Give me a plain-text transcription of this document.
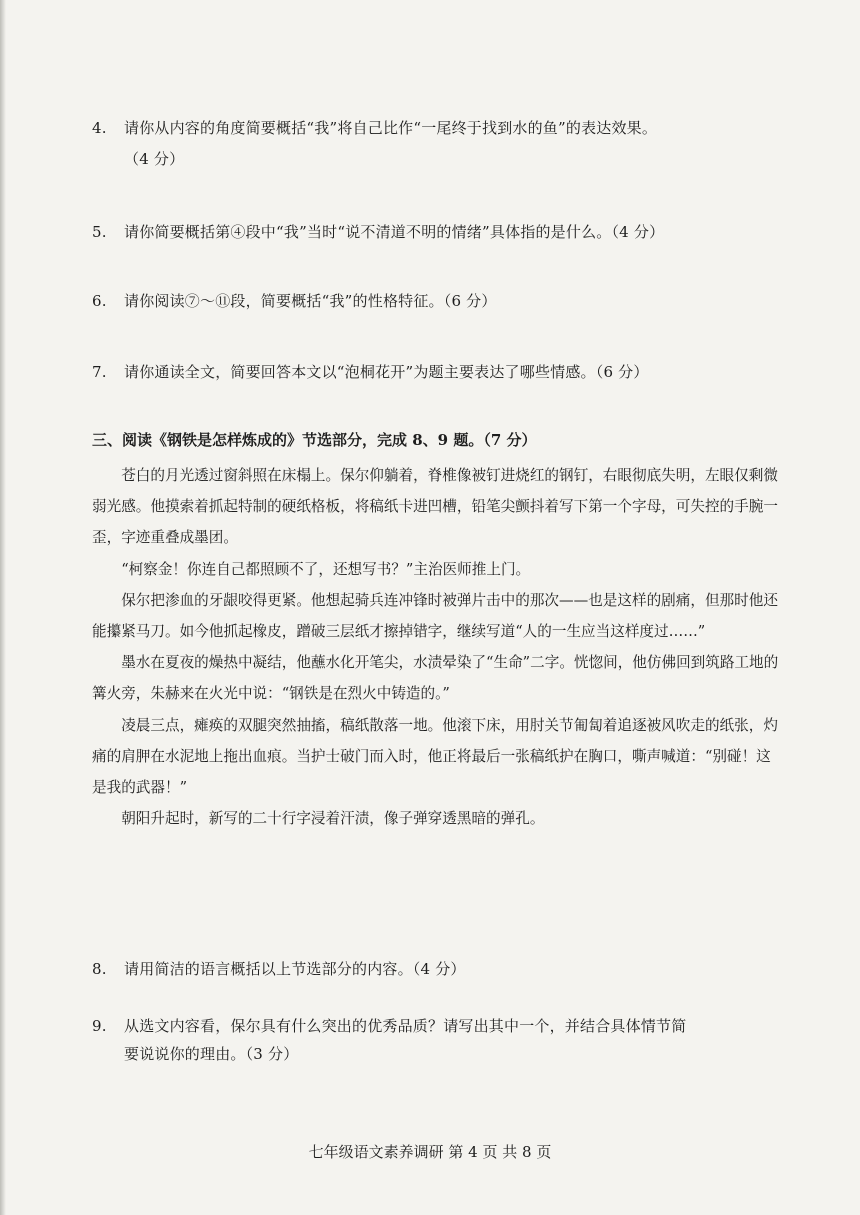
4. 请你从内容的角度简要概括“我”将自己比作“一尾终于找到水的鱼”的表达效果。
（4 分）
5. 请你简要概括第④段中“我”当时“说不清道不明的情绪”具体指的是什么。（4 分）
6. 请你阅读⑦～⑪段，简要概括“我”的性格特征。（6 分）
7. 请你通读全文，简要回答本文以“泡桐花开”为题主要表达了哪些情感。（6 分）
三、阅读《钢铁是怎样炼成的》节选部分，完成 8、9 题。（7 分）

苍白的月光透过窗斜照在床榻上。保尔仰躺着，脊椎像被钉进烧红的钢钉，右眼彻底失明，左眼仅剩微弱光感。他摸索着抓起特制的硬纸格板，将稿纸卡进凹槽，铅笔尖颤抖着写下第一个字母，可失控的手腕一歪，字迹重叠成墨团。

“柯察金！你连自己都照顾不了，还想写书？”主治医师推上门。

保尔把渗血的牙龈咬得更紧。他想起骑兵连冲锋时被弹片击中的那次——也是这样的剧痛，但那时他还能攥紧马刀。如今他抓起橡皮，蹭破三层纸才擦掉错字，继续写道“人的一生应当这样度过……”

墨水在夏夜的燥热中凝结，他蘸水化开笔尖，水渍晕染了“生命”二字。恍惚间，他仿佛回到筑路工地的篝火旁，朱赫来在火光中说：“钢铁是在烈火中铸造的。”

凌晨三点，瘫痪的双腿突然抽搐，稿纸散落一地。他滚下床，用肘关节匍匐着追逐被风吹走的纸张，灼痛的肩胛在水泥地上拖出血痕。当护士破门而入时，他正将最后一张稿纸护在胸口，嘶声喊道：“别碰！这是我的武器！”

朝阳升起时，新写的二十行字浸着汗渍，像子弹穿透黑暗的弹孔。

8. 请用简洁的语言概括以上节选部分的内容。（4 分）
9. 从选文内容看，保尔具有什么突出的优秀品质？请写出其中一个，并结合具体情节简
要说说你的理由。（3 分）
七年级语文素养调研 第 4 页 共 8 页
